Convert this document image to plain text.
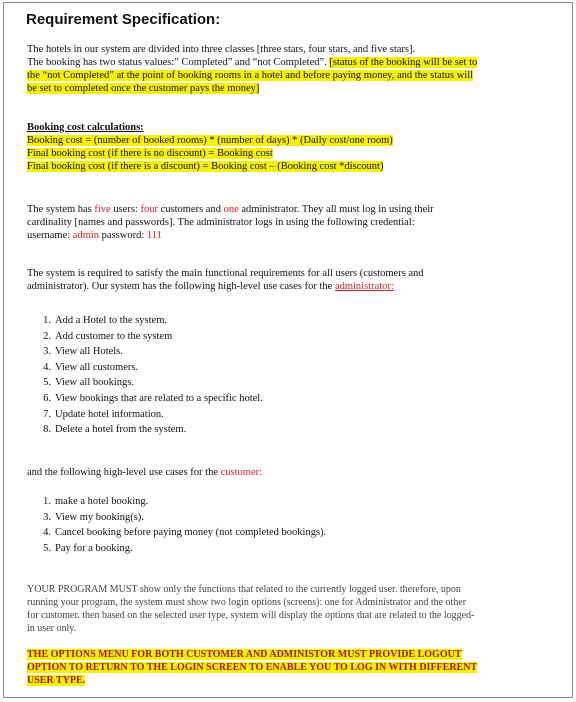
Requirement Specification:
The hotels in our system are divided into three classes [three stars, four stars, and five stars].
The booking has two status values:” Completed” and “not Completed”. [status of the booking will be set to
the “not Completed” at the point of booking rooms in a hotel and before paying money, and the status will
be set to completed once the customer pays the money]
Booking cost calculations:
Booking cost = (number of booked rooms) * (number of days) * (Daily cost/one room)
Final booking cost (if there is no discount) = Booking cost
Final booking cost (if there is a discount) = Booking cost – (Booking cost *discount)
The system has five users: four customers and one administrator. They all must log in using their
cardinality [names and passwords]. The administrator logs in using the following credential:
username: admin password: 111
The system is required to satisfy the main functional requirements for all users (customers and
administrator). Our system has the following high-level use cases for the administrator:
1. Add a Hotel to the system.
2. Add customer to the system
3. View all Hotels.
4. View all customers.
5. View all bookings.
6. View bookings that are related to a specific hotel.
7. Update hotel information.
8. Delete a hotel from the system.
and the following high-level use cases for the customer:
1. make a hotel booking.
3. View my booking(s).
4. Cancel booking before paying money (not completed bookings).
5. Pay for a booking.
YOUR PROGRAM MUST show only the functions that related to the currently logged user. therefore, upon
running your program, the system must show two login options (screens): one for Administrator and the other
for customer. then based on the selected user type, system will display the options that are related to the logged-
in user only.
THE OPTIONS MENU FOR BOTH CUSTOMER AND ADMINISTOR MUST PROVIDE LOGOUT
OPTION TO RETURN TO THE LOGIN SCREEN TO ENABLE YOU TO LOG IN WITH DIFFERENT
USER TYPE.
